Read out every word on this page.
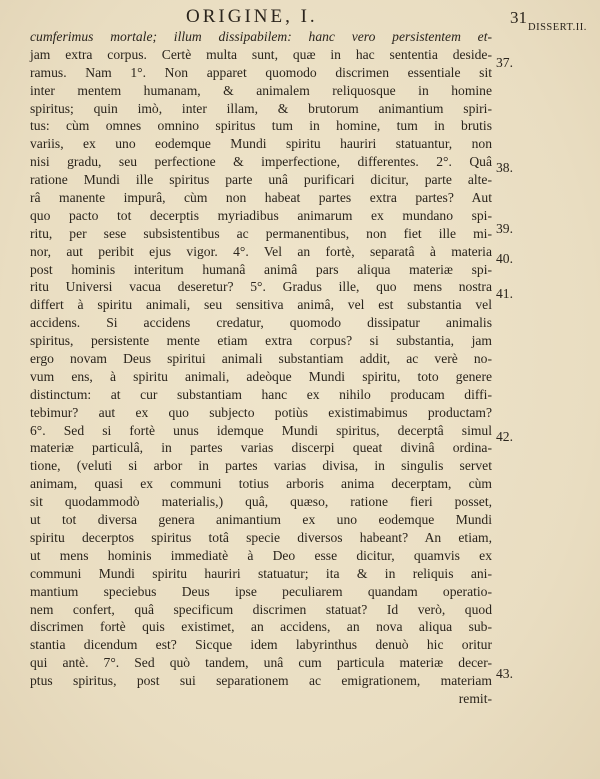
ORIGINE, I.	31
DISSERT.II.
cumferimus mortale; illum dissipabilem: hanc vero persistentem et-
jam extra corpus. Certè multa sunt, quæ in hac sententia deside-
ramus. Nam 1°. Non apparet quomodo discrimen essentiale sit
inter mentem humanam, & animalem reliquosque in homine
spiritus; quin imò, inter illam, & brutorum animantium spiri-
tus: cùm omnes omnino spiritus tum in homine, tum in brutis
variis, ex uno eodemque Mundi spiritu hauriri statuantur, non
nisi gradu, seu perfectione & imperfectione, differentes. 2°. Quâ
ratione Mundi ille spiritus parte unâ purificari dicitur, parte alte-
râ manente impurâ, cùm non habeat partes extra partes? Aut
quo pacto tot decerptis myriadibus animarum ex mundano spi-
ritu, per sese subsistentibus ac permanentibus, non fiet ille mi-
nor, aut peribit ejus vigor. 4°. Vel an fortè, separatâ à materia
post hominis interitum humanâ animâ pars aliqua materiæ spi-
ritu Universi vacua deseretur? 5°. Gradus ille, quo mens nostra
differt à spiritu animali, seu sensitiva animâ, vel est substantia vel
accidens. Si accidens credatur, quomodo dissipatur animalis
spiritus, persistente mente etiam extra corpus? si substantia, jam
ergo novam Deus spiritui animali substantiam addit, ac verè no-
vum ens, à spiritu animali, adeòque Mundi spiritu, toto genere
distinctum: at cur substantiam hanc ex nihilo producam diffi-
tebimur? aut ex quo subjecto potiùs existimabimus productam?
6°. Sed si fortè unus idemque Mundi spiritus, decerptâ simul
materiæ particulâ, in partes varias discerpi queat divinâ ordina-
tione, (veluti si arbor in partes varias divisa, in singulis servet
animam, quasi ex communi totius arboris anima decerptam, cùm
sit quodammodò materialis,) quâ, quæso, ratione fieri posset,
ut tot diversa genera animantium ex uno eodemque Mundi
spiritu decerptos spiritus totâ specie diversos habeant? An etiam,
ut mens hominis immediatè à Deo esse dicitur, quamvis ex
communi Mundi spiritu hauriri statuatur; ita & in reliquis ani-
mantium speciebus Deus ipse peculiarem quandam operatio-
nem confert, quâ specificum discrimen statuat? Id verò, quod
discrimen fortè quis existimet, an accidens, an nova aliqua sub-
stantia dicendum est? Sicque idem labyrinthus denuò hic oritur
qui antè. 7°. Sed quò tandem, unâ cum particula materiæ decer-
ptus spiritus, post sui separationem ac emigrationem, materiam
remit-
37.
38.
39.
40.
41.
42.
43.
